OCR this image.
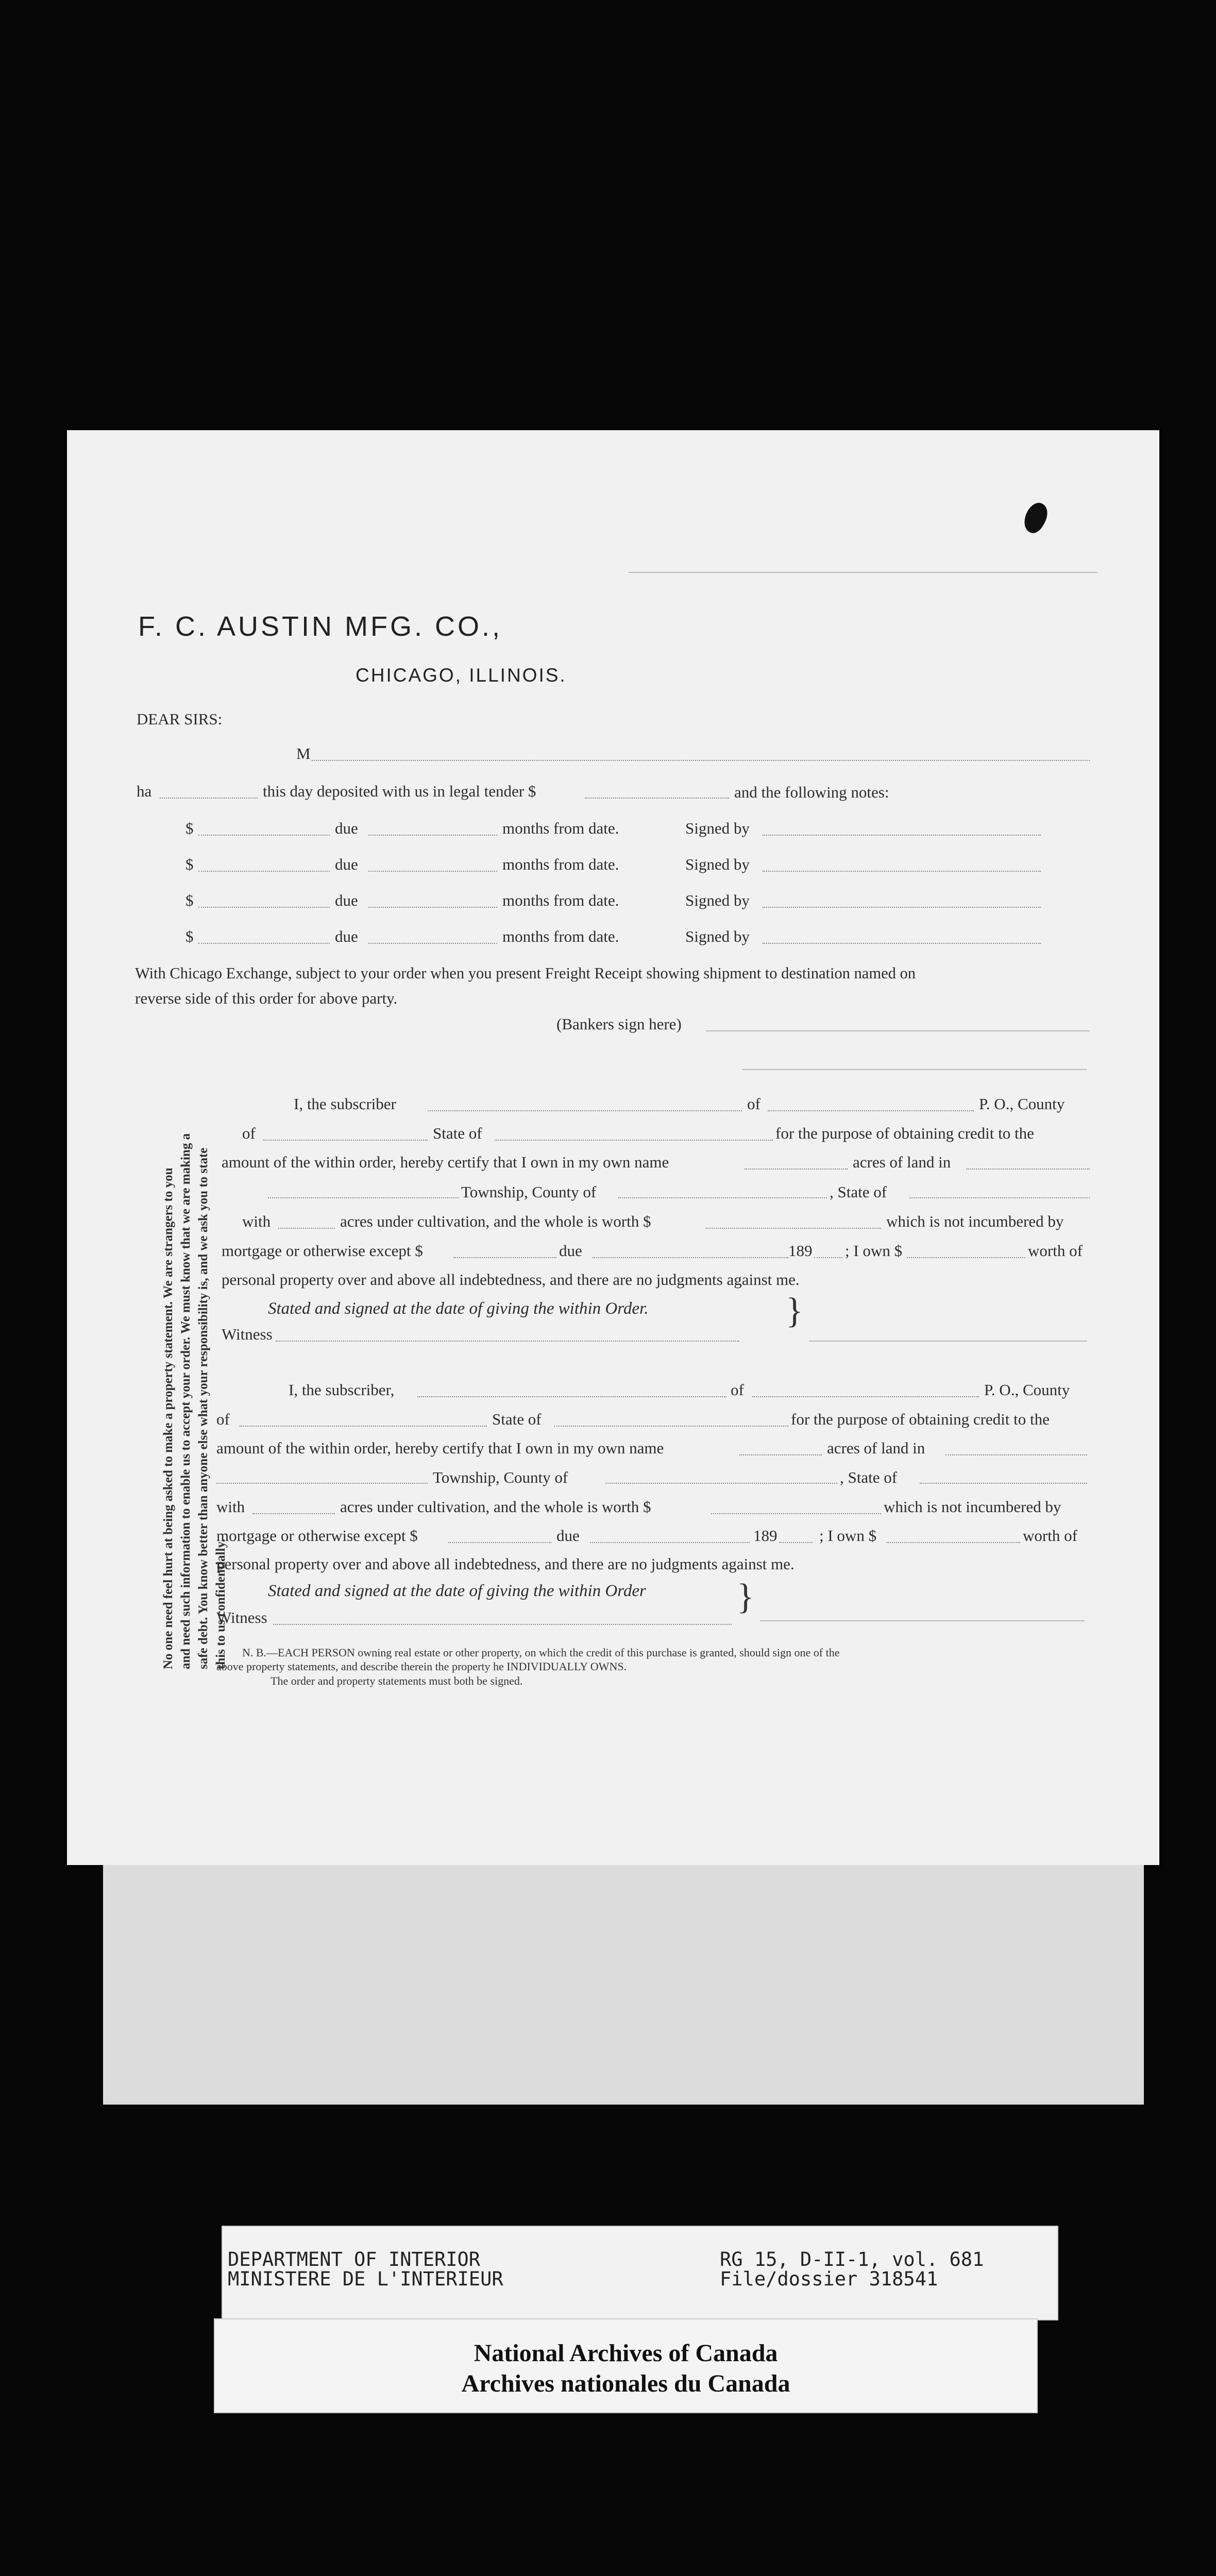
F. C. AUSTIN MFG. CO.,
CHICAGO, ILLINOIS.
DEAR SIRS:
M
ha	this day deposited with us in legal tender $	and the following notes:
$	due	months from date.	Signed by
$	due	months from date.	Signed by
$	due	months from date.	Signed by
$	due	months from date.	Signed by
With Chicago Exchange, subject to your order when you present Freight Receipt showing shipment to destination named on
reverse side of this order for above party.
(Bankers sign here)
No one need feel hurt at being asked to make a property statement. We are strangers to you and need such information to enable us to accept your order. We must know that we are making a safe debt. You know better than anyone else what your responsibility is, and we ask you to state this to us confidentially.
I, the subscriber	of	P. O., County
of	State of	for the purpose of obtaining credit to the
amount of the within order, hereby certify that I own in my own name	acres of land in
Township, County of	, State of
with	acres under cultivation, and the whole is worth $	which is not incumbered by
mortgage or otherwise except $	due	189 ; I own $	worth of
personal property over and above all indebtedness, and there are no judgments against me.
Stated and signed at the date of giving the within Order.	}
Witness
I, the subscriber,	of	P. O., County
of	State of	for the purpose of obtaining credit to the
amount of the within order, hereby certify that I own in my own name	acres of land in
Township, County of	, State of
with	acres under cultivation, and the whole is worth $	which is not incumbered by
mortgage or otherwise except $	due	189	; I own $	worth of
personal property over and above all indebtedness, and there are no judgments against me.
Stated and signed at the date of giving the within Order	}
Witness
N. B.—EACH PERSON owning real estate or other property, on which the credit of this purchase is granted, should sign one of the
above property statements, and describe therein the property he INDIVIDUALLY OWNS.
The order and property statements must both be signed.
DEPARTMENT OF INTERIOR
MINISTERE DE L'INTERIEUR
RG 15, D-II-1, vol. 681
File/dossier 318541
National Archives of Canada
Archives nationales du Canada
